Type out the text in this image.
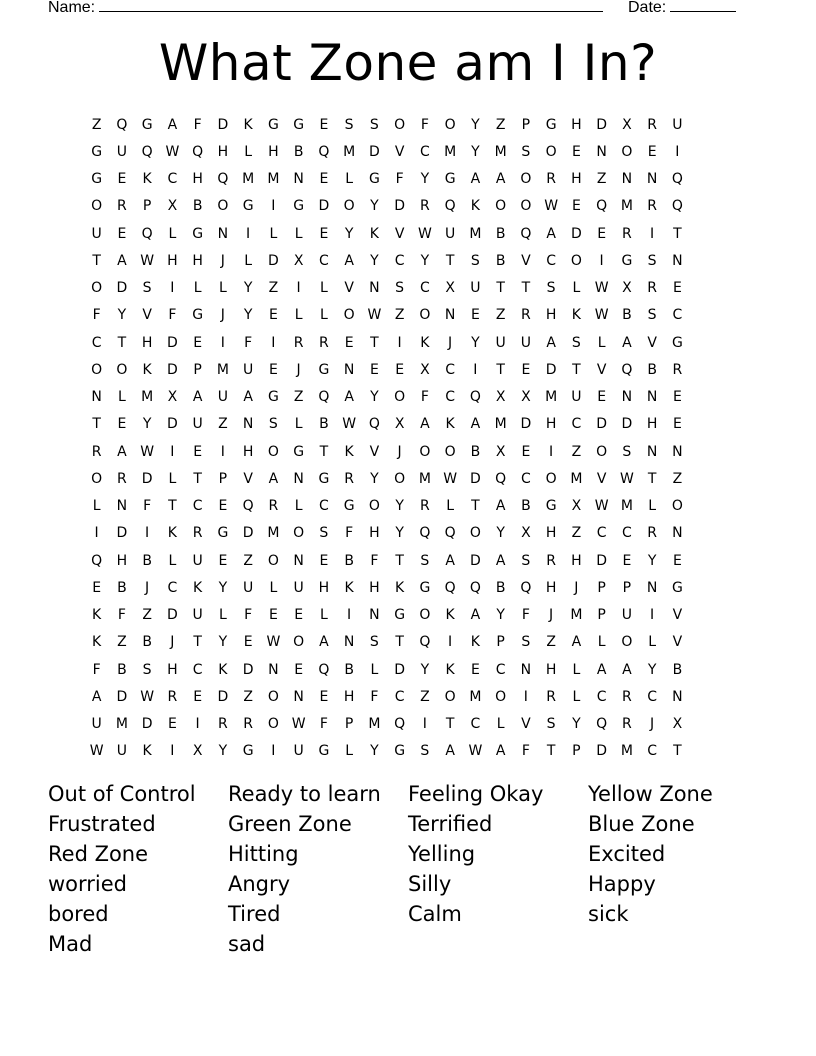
Name:	Date:
What Zone am I In?
Z	Q	G	A	F	D	K	G	G	E	S	S	O	F	O	Y	Z	P	G	H	D	X	R	U
G	U	Q	W	Q	H	L	H	B	Q	M	D	V	C	M	Y	M	S	O	E	N	O	E	I
G	E	K	C	H	Q	M	M	N	E	L	G	F	Y	G	A	A	O	R	H	Z	N	N	Q
O	R	P	X	B	O	G	I	G	D	O	Y	D	R	Q	K	O	O	W	E	Q	M	R	Q
U	E	Q	L	G	N	I	L	L	E	Y	K	V	W	U	M	B	Q	A	D	E	R	I	T
T	A	W	H	H	J	L	D	X	C	A	Y	C	Y	T	S	B	V	C	O	I	G	S	N
O	D	S	I	L	L	Y	Z	I	L	V	N	S	C	X	U	T	T	S	L	W	X	R	E
F	Y	V	F	G	J	Y	E	L	L	O	W	Z	O	N	E	Z	R	H	K	W	B	S	C
C	T	H	D	E	I	F	I	R	R	E	T	I	K	J	Y	U	U	A	S	L	A	V	G
O	O	K	D	P	M	U	E	J	G	N	E	E	X	C	I	T	E	D	T	V	Q	B	R
N	L	M	X	A	U	A	G	Z	Q	A	Y	O	F	C	Q	X	X	M	U	E	N	N	E
T	E	Y	D	U	Z	N	S	L	B	W	Q	X	A	K	A	M	D	H	C	D	D	H	E
R	A	W	I	E	I	H	O	G	T	K	V	J	O	O	B	X	E	I	Z	O	S	N	N
O	R	D	L	T	P	V	A	N	G	R	Y	O	M	W	D	Q	C	O	M	V	W	T	Z
L	N	F	T	C	E	Q	R	L	C	G	O	Y	R	L	T	A	B	G	X	W	M	L	O
I	D	I	K	R	G	D	M	O	S	F	H	Y	Q	Q	O	Y	X	H	Z	C	C	R	N
Q	H	B	L	U	E	Z	O	N	E	B	F	T	S	A	D	A	S	R	H	D	E	Y	E
E	B	J	C	K	Y	U	L	U	H	K	H	K	G	Q	Q	B	Q	H	J	P	P	N	G
K	F	Z	D	U	L	F	E	E	L	I	N	G	O	K	A	Y	F	J	M	P	U	I	V
K	Z	B	J	T	Y	E	W	O	A	N	S	T	Q	I	K	P	S	Z	A	L	O	L	V
F	B	S	H	C	K	D	N	E	Q	B	L	D	Y	K	E	C	N	H	L	A	A	Y	B
A	D	W	R	E	D	Z	O	N	E	H	F	C	Z	O	M	O	I	R	L	C	R	C	N
U	M	D	E	I	R	R	O	W	F	P	M	Q	I	T	C	L	V	S	Y	Q	R	J	X
W	U	K	I	X	Y	G	I	U	G	L	Y	G	S	A	W	A	F	T	P	D	M	C	T
Out of Control
Frustrated
Red Zone
worried
bored
Mad
Ready to learn
Green Zone
Hitting
Angry
Tired
sad
Feeling Okay
Terrified
Yelling
Silly
Calm
Yellow Zone
Blue Zone
Excited
Happy
sick
